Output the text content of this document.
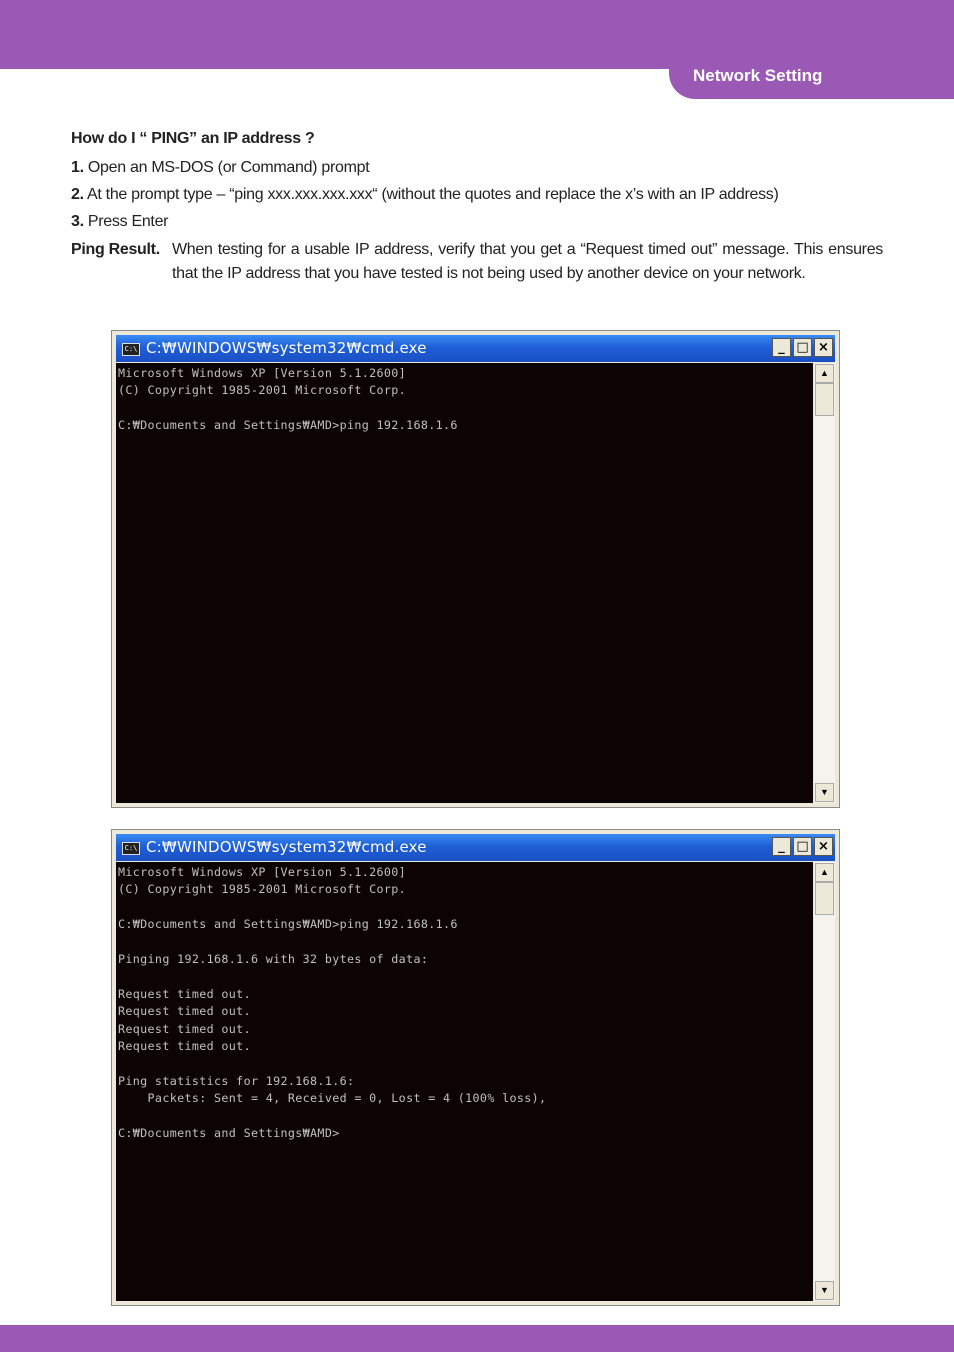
Network Setting
How do I “ PING” an IP address ?
1. Open an MS-DOS (or Command) prompt
2. At the prompt type – “ping xxx.xxx.xxx.xxx“ (without the quotes and replace the x’s with an IP address)
3. Press Enter
Ping Result. When testing for a usable IP address, verify that you get a “Request timed out” message. This ensures that the IP address that you have tested is not being used by another device on your network.
C:\ C:₩WINDOWS₩system32₩cmd.exe	_ □ ×
Microsoft Windows XP [Version 5.1.2600]
(C) Copyright 1985-2001 Microsoft Corp.

C:₩Documents and Settings₩AMD>ping 192.168.1.6
▲
▼
C:\ C:₩WINDOWS₩system32₩cmd.exe	_ □ ×
Microsoft Windows XP [Version 5.1.2600]
(C) Copyright 1985-2001 Microsoft Corp.

C:₩Documents and Settings₩AMD>ping 192.168.1.6

Pinging 192.168.1.6 with 32 bytes of data:

Request timed out.
Request timed out.
Request timed out.
Request timed out.

Ping statistics for 192.168.1.6:
Packets: Sent = 4, Received = 0, Lost = 4 (100% loss),

C:₩Documents and Settings₩AMD>
▲
▼
